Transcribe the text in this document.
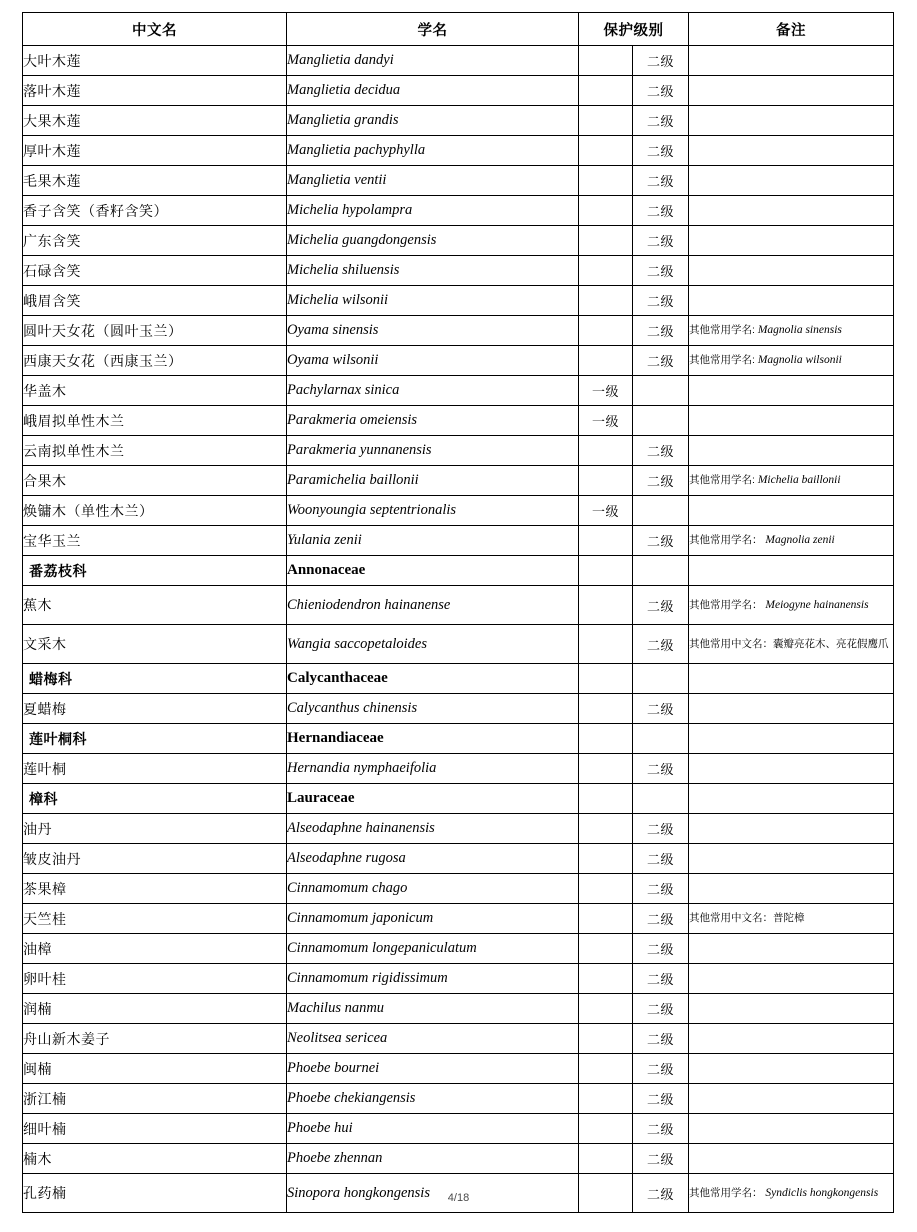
中文名	学名	保护级别		备注
大叶木莲	Manglietia dandyi		二级	
落叶木莲	Manglietia decidua		二级	
大果木莲	Manglietia grandis		二级	
厚叶木莲	Manglietia pachyphylla		二级	
毛果木莲	Manglietia ventii		二级	
香子含笑（香籽含笑）	Michelia hypolampra		二级	
广东含笑	Michelia guangdongensis		二级	
石碌含笑	Michelia shiluensis		二级	
峨眉含笑	Michelia wilsonii		二级	
圆叶天女花（圆叶玉兰）	Oyama sinensis		二级	其他常用学名: Magnolia sinensis
西康天女花（西康玉兰）	Oyama wilsonii		二级	其他常用学名: Magnolia wilsonii
华盖木	Pachylarnax sinica	一级		
峨眉拟单性木兰	Parakmeria omeiensis	一级		
云南拟单性木兰	Parakmeria yunnanensis		二级	
合果木	Paramichelia baillonii		二级	其他常用学名: Michelia baillonii
焕镛木（单性木兰）	Woonyoungia septentrionalis	一级		
宝华玉兰	Yulania zenii		二级	其他常用学名： Magnolia zenii
番荔枝科	Annonaceae			
蕉木	Chieniodendron hainanense		二级	其他常用学名： Meiogyne hainanensis
文采木	Wangia saccopetaloides		二级	其他常用中文名：囊瓣亮花木、亮花假鹰爪
蜡梅科	Calycanthaceae			
夏蜡梅	Calycanthus chinensis		二级	
莲叶桐科	Hernandiaceae			
莲叶桐	Hernandia nymphaeifolia		二级	
樟科	Lauraceae			
油丹	Alseodaphne hainanensis		二级	
皱皮油丹	Alseodaphne rugosa		二级	
茶果樟	Cinnamomum chago		二级	
天竺桂	Cinnamomum japonicum		二级	其他常用中文名：普陀樟
油樟	Cinnamomum longepaniculatum		二级	
卵叶桂	Cinnamomum rigidissimum		二级	
润楠	Machilus nanmu		二级	
舟山新木姜子	Neolitsea sericea		二级	
闽楠	Phoebe bournei		二级	
浙江楠	Phoebe chekiangensis		二级	
细叶楠	Phoebe hui		二级	
楠木	Phoebe zhennan		二级	
孔药楠	Sinopora hongkongensis		二级	其他常用学名： Syndiclis hongkongensis
4/18
